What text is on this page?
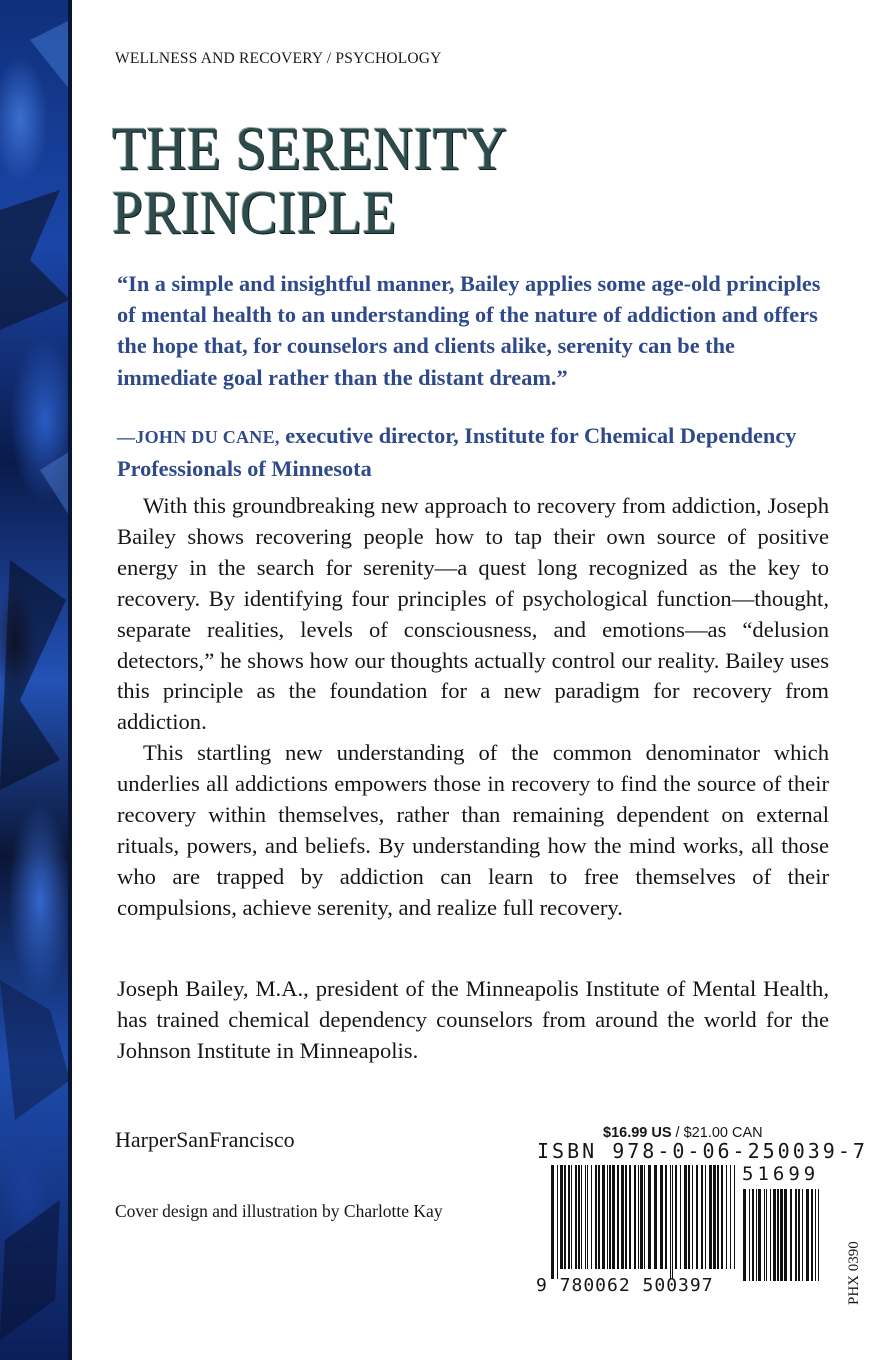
WELLNESS AND RECOVERY / PSYCHOLOGY
THE SERENITY
PRINCIPLE

“In a simple and insightful manner, Bailey applies some age-old principles of mental health to an understanding of the nature of addiction and offers the hope that, for counselors and clients alike, serenity can be the immediate goal rather than the distant dream.”

—JOHN DU CANE, executive director, Institute for Chemical Dependency Professionals of Minnesota

With this groundbreaking new approach to recovery from addiction, Joseph Bailey shows recovering people how to tap their own source of positive energy in the search for serenity—a quest long recognized as the key to recovery. By identifying four principles of psychological function—thought, separate realities, levels of consciousness, and emotions—as “delusion detectors,” he shows how our thoughts actually control our reality. Bailey uses this principle as the foundation for a new paradigm for recovery from addiction.

This startling new understanding of the common denominator which underlies all addictions empowers those in recovery to find the source of their recovery within themselves, rather than remaining dependent on external rituals, powers, and beliefs. By understanding how the mind works, all those who are trapped by addiction can learn to free themselves of their compulsions, achieve serenity, and realize full recovery.

Joseph Bailey, M.A., president of the Minneapolis Institute of Mental Health, has trained chemical dependency counselors from around the world for the Johnson Institute in Minneapolis.

HarperSanFrancisco
Cover design and illustration by Charlotte Kay
$16.99 US / $21.00 CAN
ISBN 978-0-06-250039-7
9 780062 500397
51699
PHX 0390
